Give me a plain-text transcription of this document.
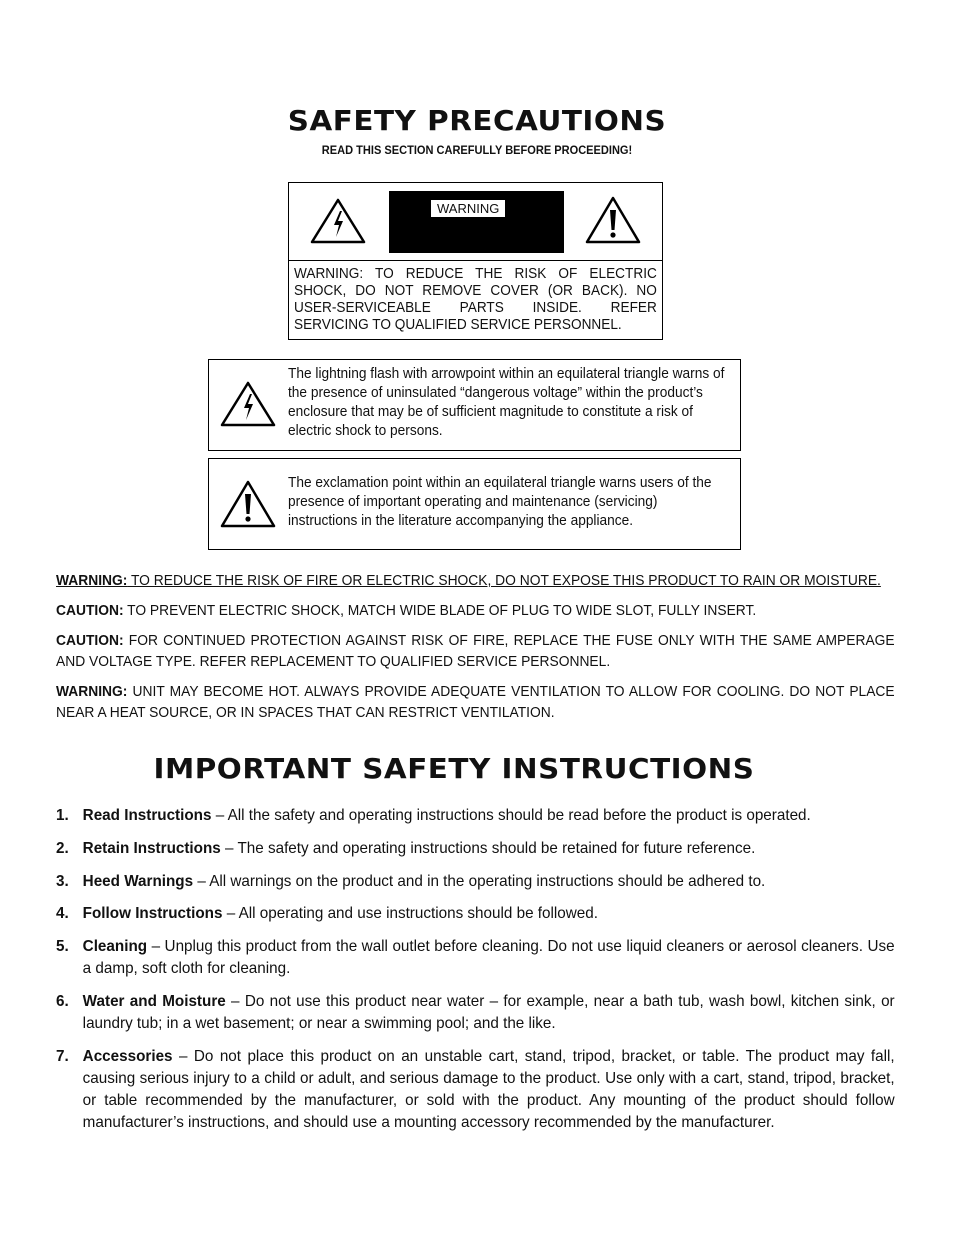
SAFETY PRECAUTIONS
READ THIS SECTION CAREFULLY BEFORE PROCEEDING!
WARNING
WARNING: TO REDUCE THE RISK OF ELECTRIC SHOCK, DO NOT REMOVE COVER (OR BACK). NO USER-SERVICEABLE PARTS INSIDE. REFER SERVICING TO QUALIFIED SERVICE PERSONNEL.
The lightning flash with arrowpoint within an equilateral triangle warns of the presence of uninsulated “dangerous voltage” within the product’s enclosure that may be of sufficient magnitude to constitute a risk of electric shock to persons.
The exclamation point within an equilateral triangle warns users of the presence of important operating and maintenance (servicing) instructions in the literature accompanying the appliance.
WARNING: TO REDUCE THE RISK OF FIRE OR ELECTRIC SHOCK, DO NOT EXPOSE THIS PRODUCT TO RAIN OR MOISTURE.
CAUTION: TO PREVENT ELECTRIC SHOCK, MATCH WIDE BLADE OF PLUG TO WIDE SLOT, FULLY INSERT.
CAUTION: FOR CONTINUED PROTECTION AGAINST RISK OF FIRE, REPLACE THE FUSE ONLY WITH THE SAME AMPERAGE AND VOLTAGE TYPE. REFER REPLACEMENT TO QUALIFIED SERVICE PERSONNEL.
WARNING: UNIT MAY BECOME HOT. ALWAYS PROVIDE ADEQUATE VENTILATION TO ALLOW FOR COOLING. DO NOT PLACE NEAR A HEAT SOURCE, OR IN SPACES THAT CAN RESTRICT VENTILATION.
IMPORTANT SAFETY INSTRUCTIONS
1. Read Instructions – All the safety and operating instructions should be read before the product is operated.
2. Retain Instructions – The safety and operating instructions should be retained for future reference.
3. Heed Warnings – All warnings on the product and in the operating instructions should be adhered to.
4. Follow Instructions – All operating and use instructions should be followed.
5. Cleaning – Unplug this product from the wall outlet before cleaning. Do not use liquid cleaners or aerosol cleaners. Use a damp, soft cloth for cleaning.
6. Water and Moisture – Do not use this product near water – for example, near a bath tub, wash bowl, kitchen sink, or laundry tub; in a wet basement; or near a swimming pool; and the like.
7. Accessories – Do not place this product on an unstable cart, stand, tripod, bracket, or table. The product may fall, causing serious injury to a child or adult, and serious damage to the product. Use only with a cart, stand, tripod, bracket, or table recommended by the manufacturer, or sold with the product. Any mounting of the product should follow manufacturer’s instructions, and should use a mounting accessory recommended by the manufacturer.
